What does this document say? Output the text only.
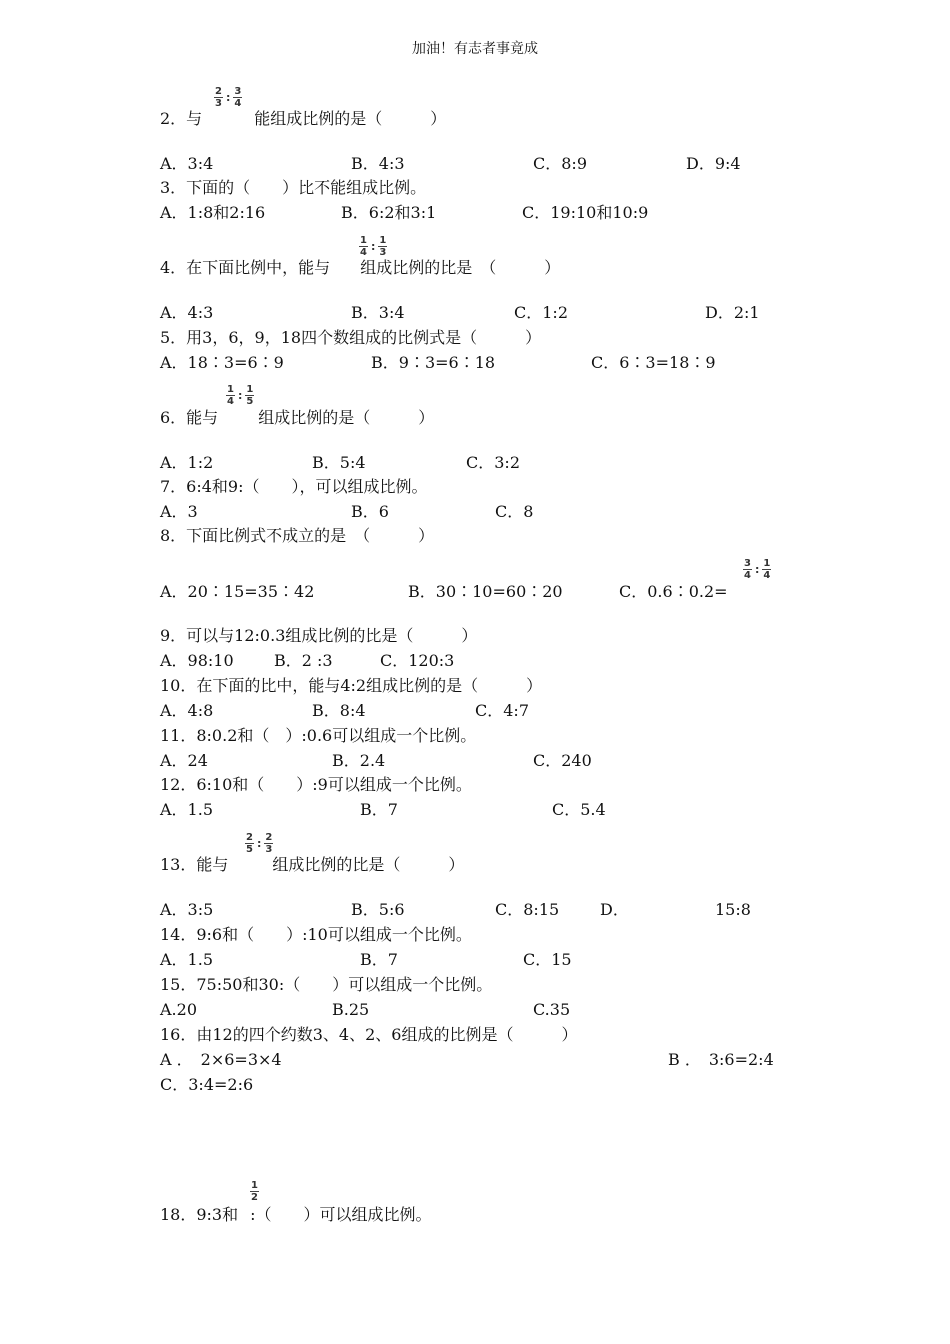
加油！有志者事竟成
2
3 : 3
4
2．与	能组成比例的是（　　　）
A．3:4	B．4:3	C．8:9	D．9:4
3．下面的（　　）比不能组成比例。
A．1:8和2:16	B．6:2和3:1	C．19:10和10:9
1
4 : 1
3
4．在下面比例中，能与 组成比例的比是　（　　　）
A．4:3	B．3:4	C．1:2	D．2:1
5．用3，6，9，18四个数组成的比例式是（　　　）
A．18∶3=6∶9	B．9∶3=6∶18	C．6∶3=18∶9
1
4 : 1
5
6．能与	组成比例的是（　　　）
A．1:2	B．5:4	C．3:2
7．6:4和9:（　　），可以组成比例。
A．3	B．6	C．8
8．下面比例式不成立的是　（　　　）
A．20∶15=35∶42	B．30∶10=60∶20	C．0.6∶0.2=
3
4 : 1
4
9．可以与12:0.3组成比例的比是（　　　）
A．98:10	B．2 :3	C．120:3
10．在下面的比中，能与4:2组成比例的是（　　　）
A．4:8	B．8:4	C．4:7
11．8:0.2和（　）:0.6可以组成一个比例。
A．24	B．2.4	C．240
12．6:10和（　　）:9可以组成一个比例。
A．1.5	B．7	C．5.4
2
5 : 2
3
13．能与	组成比例的比是（　　　）
A．3:5	B．5:6	C．8:15	D．	15:8
14．9:6和（　　）:10可以组成一个比例。
A．1.5	B．7	C．15
15．75:50和30:（　　）可以组成一个比例。
A.20	B.25	C.35
16．由12的四个约数3、4、2、6组成的比例是（　　　）
A ．　2×6=3×4	B ．　3:6=2:4
C．3:4=2:6
1
2
18．9:3和 :（　　）可以组成比例。
